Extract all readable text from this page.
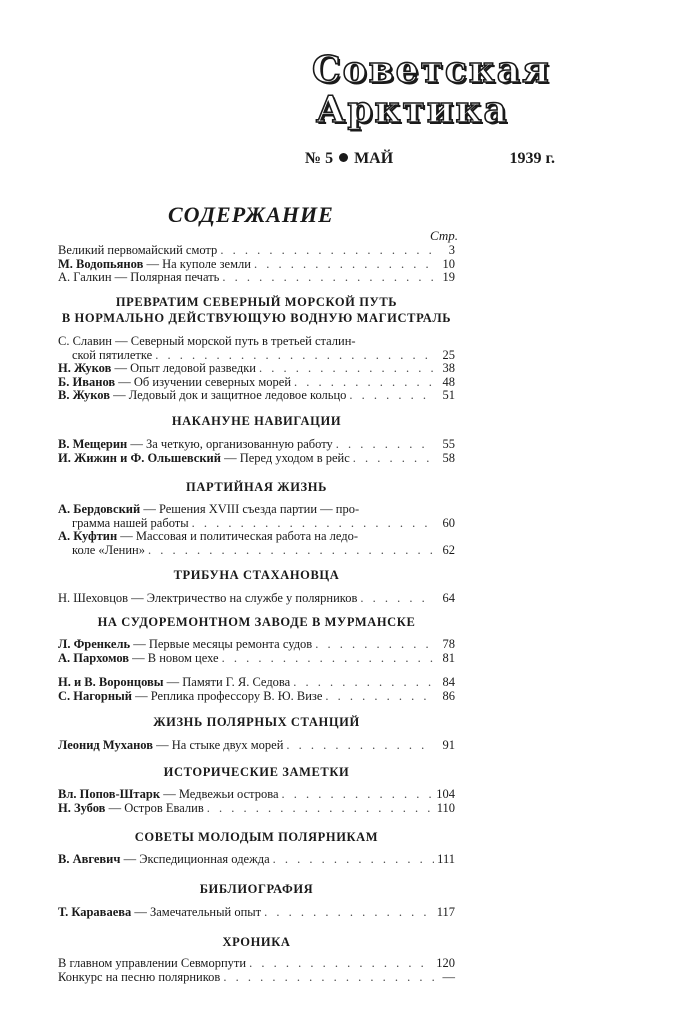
Советская
Арктика
№ 5 МАЙ	1939 г.
СОДЕРЖАНИЕ
Стр.
Великий первомайский смотр . . .	3
М. Водопьянов — На куполе земли . . .	10
А. Галкин — Полярная печать . . .	19
ПРЕВРАТИМ СЕВЕРНЫЙ МОРСКОЙ ПУТЬ
В НОРМАЛЬНО ДЕЙСТВУЮЩУЮ ВОДНУЮ МАГИСТРАЛЬ
С. Славин — Северный морской путь в третьей сталин-
ской пятилетке . . .	25
Н. Жуков — Опыт ледовой разведки . . .	38
Б. Иванов — Об изучении северных морей . . .	48
В. Жуков — Ледовый док и защитное ледовое кольцо . . .	51
НАКАНУНЕ НАВИГАЦИИ
В. Мещерин — За четкую, организованную работу . . .	55
И. Жижин и Ф. Ольшевский — Перед уходом в рейс . . .	58
ПАРТИЙНАЯ ЖИЗНЬ
А. Бердовский — Решения XVIII съезда партии — про-
грамма нашей работы . . .	60
А. Куфтин — Массовая и политическая работа на ледо-
коле «Ленин» . . .	62
ТРИБУНА СТАХАНОВЦА
Н. Шеховцов — Электричество на службе у полярников . . .	64
НА СУДОРЕМОНТНОМ ЗАВОДЕ В МУРМАНСКЕ
Л. Френкель — Первые месяцы ремонта судов . . .	78
А. Пархомов — В новом цехе . . .	81
Н. и В. Воронцовы — Памяти Г. Я. Седова . . .	84
С. Нагорный — Реплика профессору В. Ю. Визе . . .	86
ЖИЗНЬ ПОЛЯРНЫХ СТАНЦИЙ
Леонид Муханов — На стыке двух морей . . .	91
ИСТОРИЧЕСКИЕ ЗАМЕТКИ
Вл. Попов-Штарк — Медвежьи острова . . .	104
Н. Зубов — Остров Евалив . . .	110
СОВЕТЫ МОЛОДЫМ ПОЛЯРНИКАМ
В. Авгевич — Экспедиционная одежда . . .	111
БИБЛИОГРАФИЯ
Т. Караваева — Замечательный опыт . . .	117
ХРОНИКА
В главном управлении Севморпути . . .	120
Конкурс на песню полярников . . .	—
